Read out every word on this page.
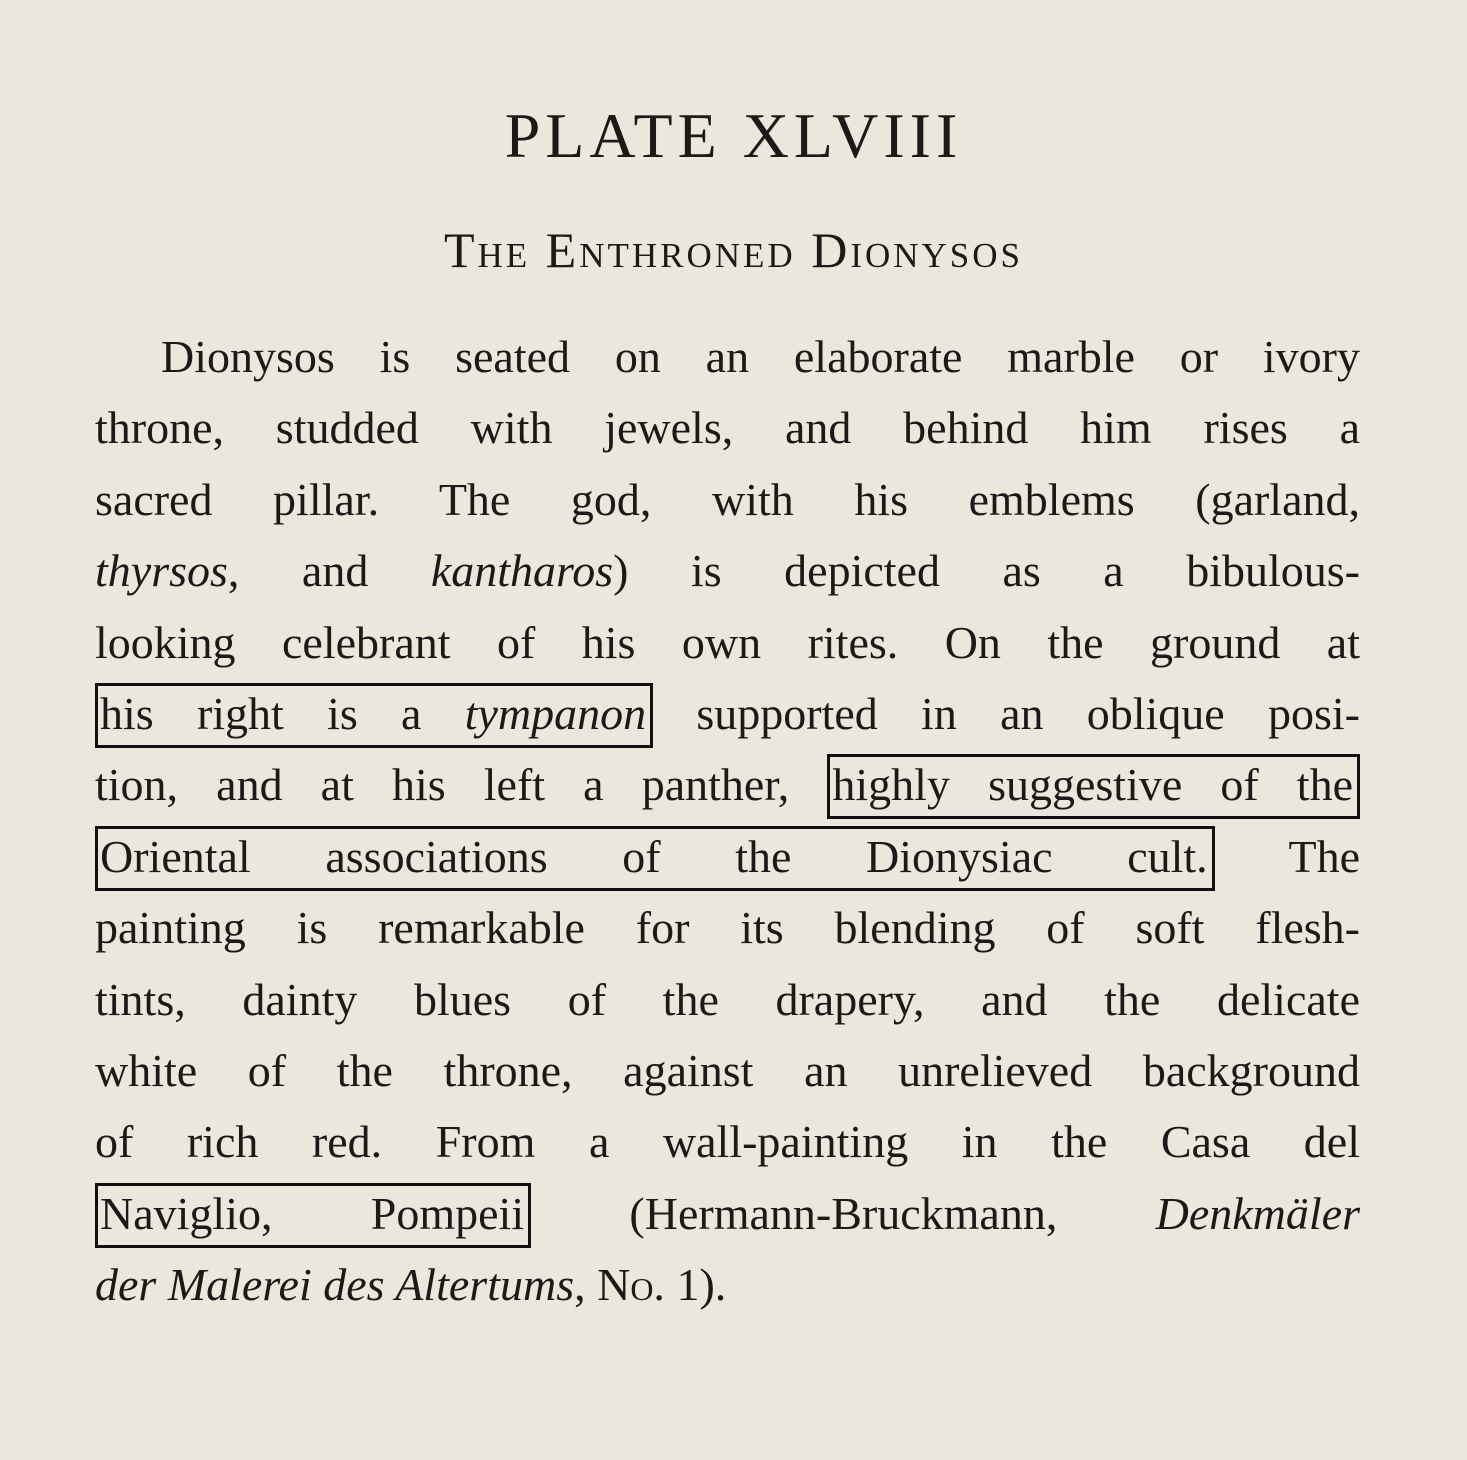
PLATE XLVIII
The Enthroned Dionysos
Dionysos is seated on an elaborate marble or ivory
throne, studded with jewels, and behind him rises a
sacred pillar. The god, with his emblems (garland,
thyrsos, and kantharos) is depicted as a bibulous-
looking celebrant of his own rites. On the ground at
his right is a tympanon supported in an oblique posi-
tion, and at his left a panther, highly suggestive of the
Oriental associations of the Dionysiac cult. The
painting is remarkable for its blending of soft flesh-
tints, dainty blues of the drapery, and the delicate
white of the throne, against an unrelieved background
of rich red. From a wall-painting in the Casa del
Naviglio, Pompeii (Hermann-Bruckmann, Denkmäler
der Malerei des Altertums, No. 1).
